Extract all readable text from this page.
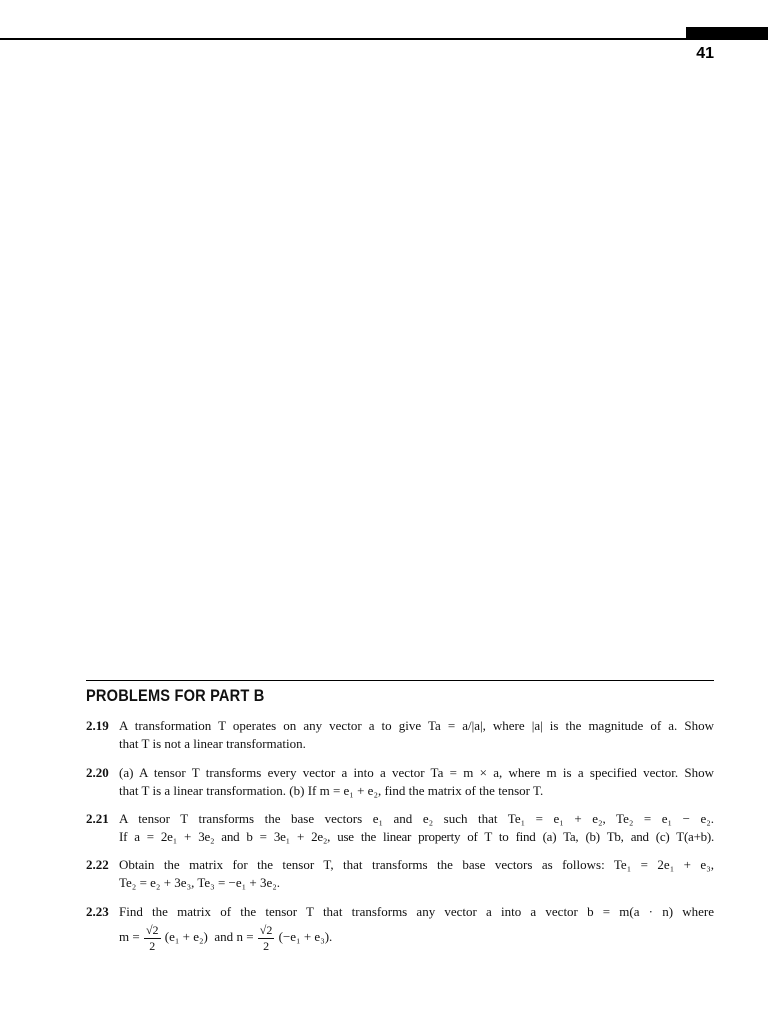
41
PROBLEMS FOR PART B
2.19 A transformation T operates on any vector a to give Ta = a/|a|, where |a| is the magnitude of a. Show
that T is not a linear transformation.
2.20 (a) A tensor T transforms every vector a into a vector Ta = m × a, where m is a specified vector. Show
that T is a linear transformation. (b) If m = e₁ + e₂, find the matrix of the tensor T.
2.21 A tensor T transforms the base vectors e₁ and e₂ such that Te₁ = e₁ + e₂, Te₂ = e₁ − e₂.
If a = 2e₁ + 3e₂ and b = 3e₁ + 2e₂, use the linear property of T to find (a) Ta, (b) Tb, and (c) T(a+b).
2.22 Obtain the matrix for the tensor T, that transforms the base vectors as follows: Te₁ = 2e₁ + e₃,
Te₂ = e₂ + 3e₃, Te₃ = −e₁ + 3e₂.
2.23 Find the matrix of the tensor T that transforms any vector a into a vector b = m(a · n) where
$m = \frac{√2}{2} (e_1 + e_2)$ and $n = \frac{√2}{2} (-e_1 + e_3)$.
